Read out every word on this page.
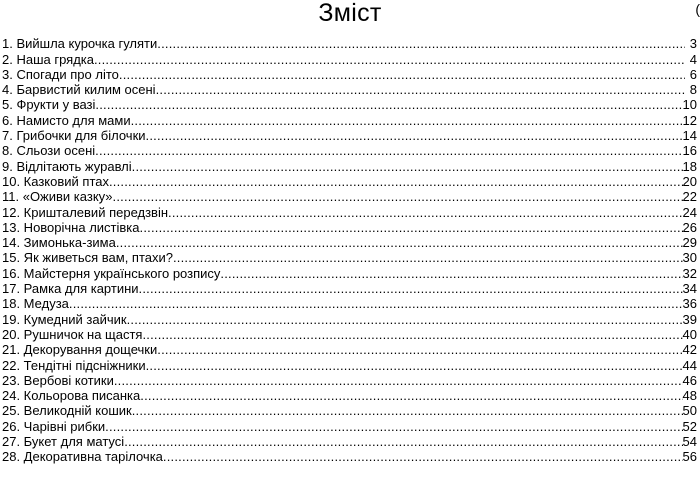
Зміст	(
1. Вийшла курочка гуляти .....	3
2. Наша грядка .....	4
3. Спогади про літо .....	6
4. Барвистий килим осені .....	8
5. Фрукти у вазі .....	10
6. Намисто для мами .....	12
7. Грибочки для білочки .....	14
8. Сльози осені .....	16
9. Відлітають журавлі .....	18
10. Казковий птах .....	20
11. «Оживи казку» .....	22
12. Кришталевий передзвін .....	24
13. Новорічна листівка .....	26
14. Зимонька-зима .....	29
15. Як живеться вам, птахи? .....	30
16. Майстерня українського розпису .....	32
17. Рамка для картини .....	34
18. Медуза .....	36
19. Кумедний зайчик .....	39
20. Рушничок на щастя .....	40
21. Декорування дощечки .....	42
22. Тендітні підсніжники .....	44
23. Вербові котики .....	46
24. Кольорова писанка .....	48
25. Великодній кошик .....	50
26. Чарівні рибки .....	52
27. Букет для матусі .....	54
28. Декоративна тарілочка .....	56
